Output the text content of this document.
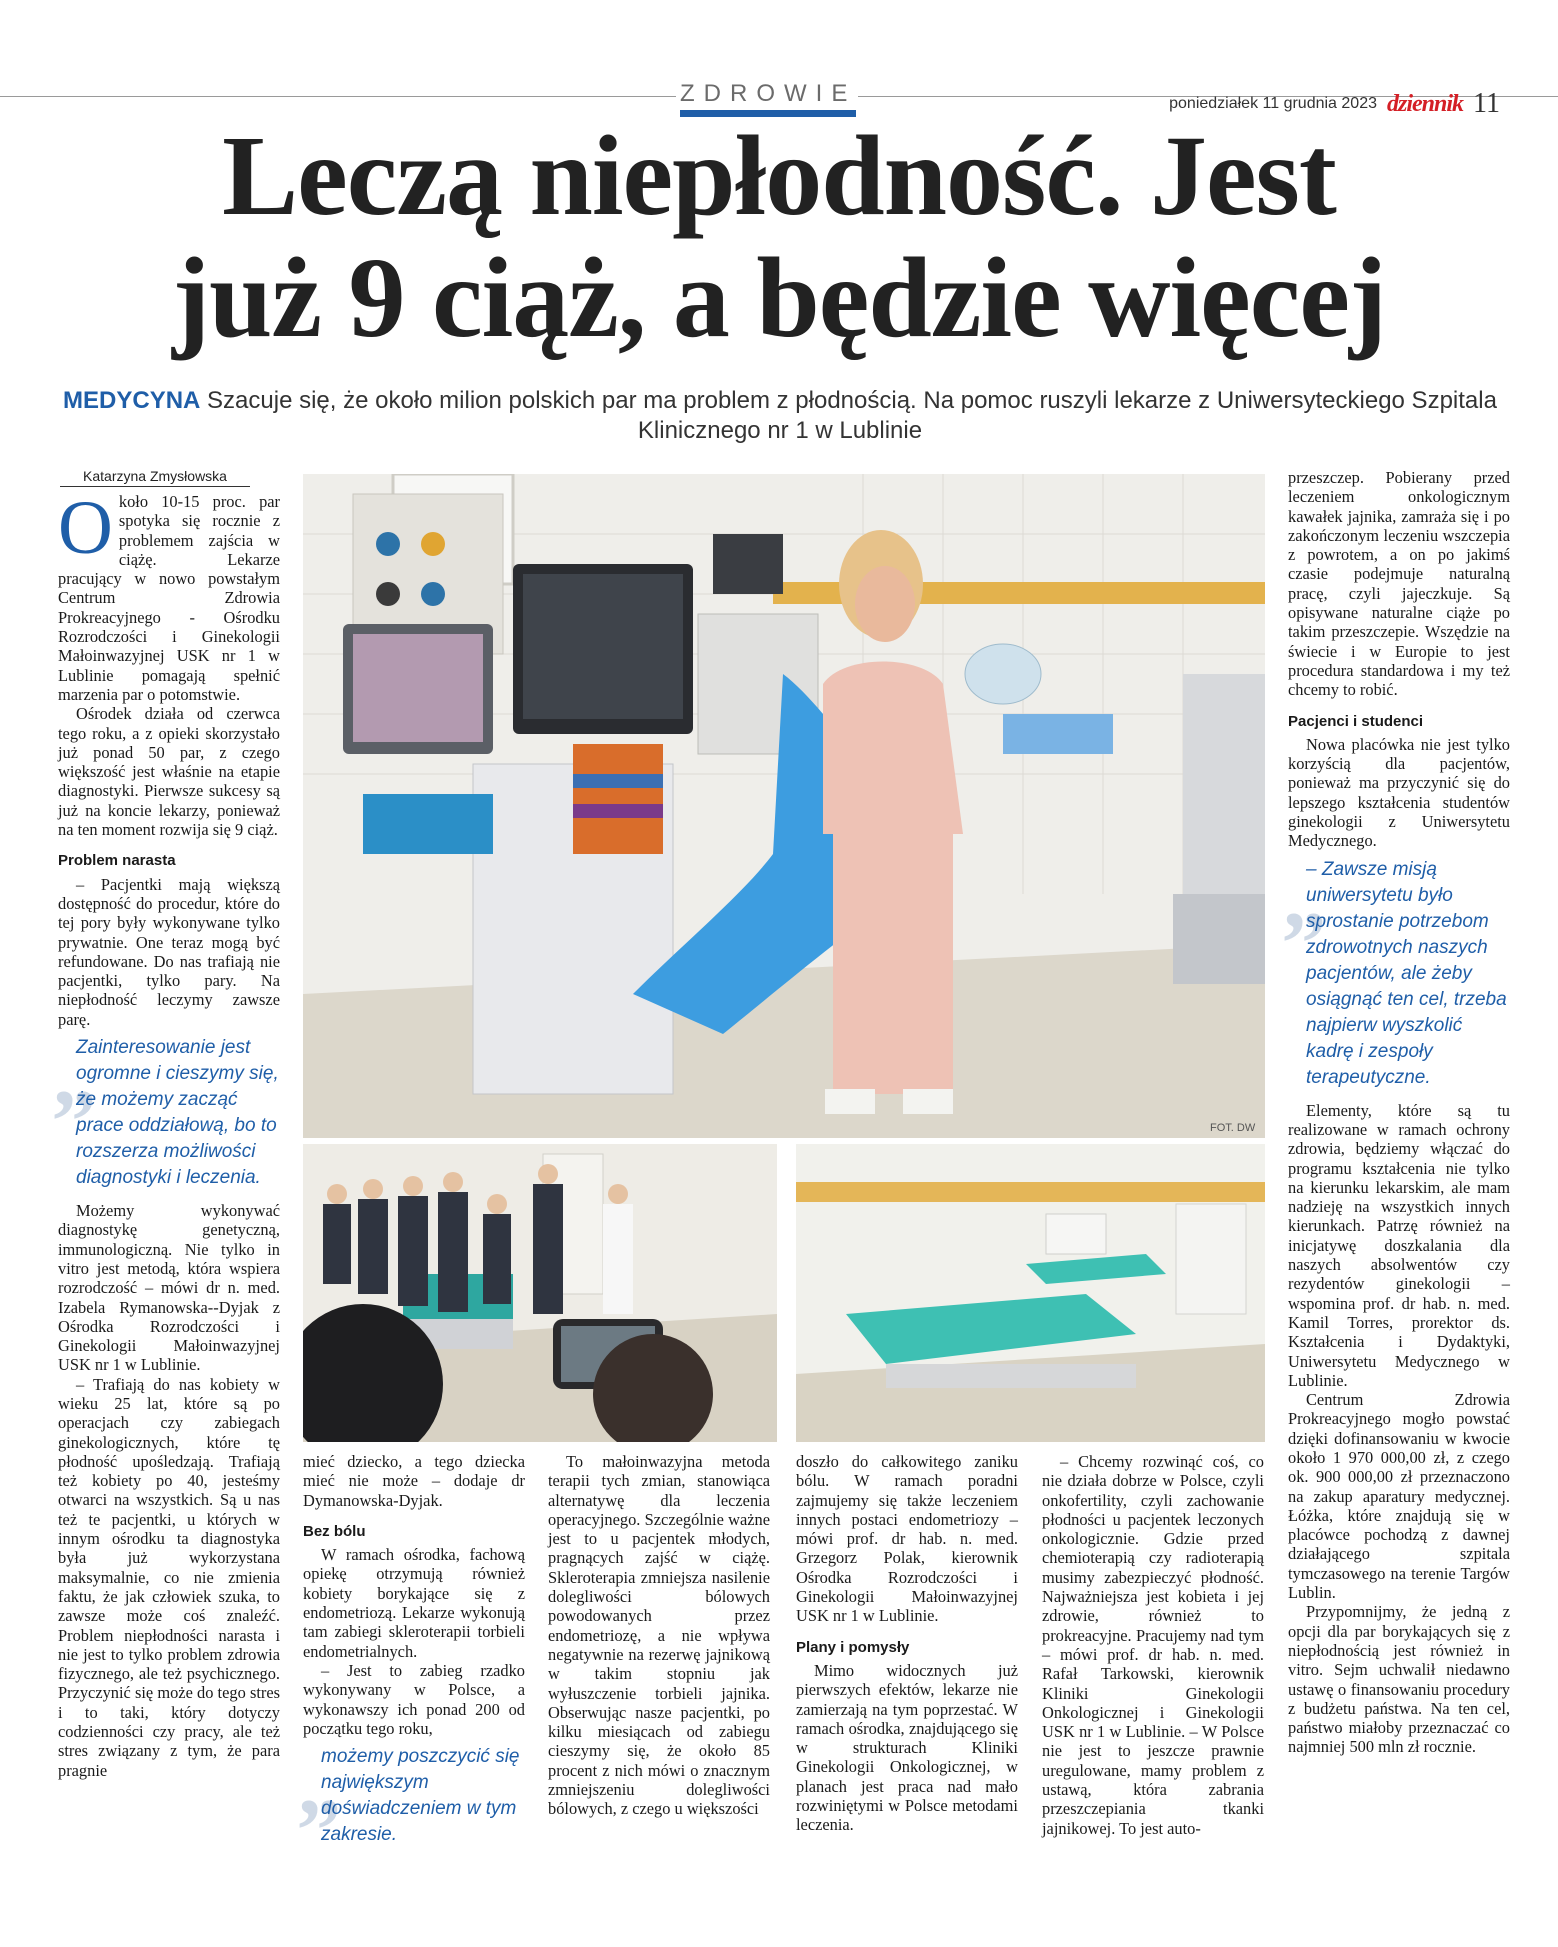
ZDROWIE	poniedziałek 11 grudnia 2023 dziennik 11
Leczą niepłodność. Jest
już 9 ciąż, a będzie więcej
MEDYCYNA Szacuje się, że około milion polskich par ma problem z płodnością. Na pomoc ruszyli lekarze z Uniwersyteckiego Szpitala Klinicznego nr 1 w Lublinie
Katarzyna Zmysłowska
O koło 10-15 proc. par spotyka się rocznie z problemem zajścia w ciążę. Lekarze pracujący w nowo powstałym Centrum Zdrowia Prokreacyjnego - Ośrodku Rozrodczości i Ginekologii Małoinwazyjnej USK nr 1 w Lublinie pomagają spełnić marzenia par o potomstwie.

Ośrodek działa od czerwca tego roku, a z opieki skorzystało już ponad 50 par, z czego większość jest właśnie na etapie diagnostyki. Pierwsze sukcesy są już na koncie lekarzy, ponieważ na ten moment rozwija się 9 ciąż.

Problem narasta

– Pacjentki mają większą dostępność do procedur, które do tej pory były wykonywane tylko prywatnie. One teraz mogą być refundowane. Do nas trafiają nie pacjentki, tylko pary. Na niepłodność leczymy zawsze parę.

„
Zainteresowanie jest ogromne i cieszymy się, że możemy zacząć prace oddziałową, bo to rozszerza możliwości diagnostyki i leczenia.

Możemy wykonywać diagnostykę genetyczną, immunologiczną. Nie tylko in vitro jest metodą, która wspiera rozrodczość – mówi dr n. med. Izabela Rymanowska--Dyjak z Ośrodka Rozrodczości i Ginekologii Małoinwazyjnej USK nr 1 w Lublinie.

– Trafiają do nas kobiety w wieku 25 lat, które są po operacjach czy zabiegach ginekologicznych, które tę płodność upośledzają. Trafiają też kobiety po 40, jesteśmy otwarci na wszystkich. Są u nas też te pacjentki, u których w innym ośrodku ta diagnostyka była już wykorzystana maksymalnie, co nie zmienia faktu, że jak człowiek szuka, to zawsze może coś znaleźć. Problem niepłodności narasta i nie jest to tylko problem zdrowia fizycznego, ale też psychicznego. Przyczynić się może do tego stres i to taki, który dotyczy codzienności czy pracy, ale też stres związany z tym, że para pragnie

FOT. DW

mieć dziecko, a tego dziecka mieć nie może – dodaje dr Dymanowska-Dyjak.

Bez bólu

W ramach ośrodka, fachową opiekę otrzymują również kobiety borykające się z endometriozą. Lekarze wykonują tam zabiegi skleroterapii torbieli endometrialnych.

– Jest to zabieg rzadko wykonywany w Polsce, a wykonawszy ich ponad 200 od początku tego roku,

„
możemy poszczycić się największym doświadczeniem w tym zakresie.

To małoinwazyjna metoda terapii tych zmian, stanowiąca alternatywę dla leczenia operacyjnego. Szczególnie ważne jest to u pacjentek młodych, pragnących zajść w ciążę. Skleroterapia zmniejsza nasilenie dolegliwości bólowych powodowanych przez endometriozę, a nie wpływa negatywnie na rezerwę jajnikową w takim stopniu jak wyłuszczenie torbieli jajnika. Obserwując nasze pacjentki, po kilku miesiącach od zabiegu cieszymy się, że około 85 procent z nich mówi o znacznym zmniejszeniu dolegliwości bólowych, z czego u większości

doszło do całkowitego zaniku bólu. W ramach poradni zajmujemy się także leczeniem innych postaci endometriozy – mówi prof. dr hab. n. med. Grzegorz Polak, kierownik Ośrodka Rozrodczości i Ginekologii Małoinwazyjnej USK nr 1 w Lublinie.

Plany i pomysły

Mimo widocznych już pierwszych efektów, lekarze nie zamierzają na tym poprzestać. W ramach ośrodka, znajdującego się w strukturach Kliniki Ginekologii Onkologicznej, w planach jest praca nad mało rozwiniętymi w Polsce metodami leczenia.

– Chcemy rozwinąć coś, co nie działa dobrze w Polsce, czyli onkofertility, czyli zachowanie płodności u pacjentek leczonych onkologicznie. Gdzie przed chemioterapią czy radioterapią musimy zabezpieczyć płodność. Najważniejsza jest kobieta i jej zdrowie, również to prokreacyjne. Pracujemy nad tym – mówi prof. dr hab. n. med. Rafał Tarkowski, kierownik Kliniki Ginekologii Onkologicznej i Ginekologii USK nr 1 w Lublinie. – W Polsce nie jest to jeszcze prawnie uregulowane, mamy problem z ustawą, która zabrania przeszczepiania tkanki jajnikowej. To jest auto-

przeszczep. Pobierany przed leczeniem onkologicznym kawałek jajnika, zamraża się i po zakończonym leczeniu wszczepia z powrotem, a on po jakimś czasie podejmuje naturalną pracę, czyli jajeczkuje. Są opisywane naturalne ciąże po takim przeszczepie. Wszędzie na świecie i w Europie to jest procedura standardowa i my też chcemy to robić.

Pacjenci i studenci

Nowa placówka nie jest tylko korzyścią dla pacjentów, ponieważ ma przyczynić się do lepszego kształcenia studentów ginekologii z Uniwersytetu Medycznego.

„
– Zawsze misją uniwersytetu było sprostanie potrzebom zdrowotnych naszych pacjentów, ale żeby osiągnąć ten cel, trzeba najpierw wyszkolić kadrę i zespoły terapeutyczne.

Elementy, które są tu realizowane w ramach ochrony zdrowia, będziemy włączać do programu kształcenia nie tylko na kierunku lekarskim, ale mam nadzieję na wszystkich innych kierunkach. Patrzę również na inicjatywę doszkalania dla naszych absolwentów czy rezydentów ginekologii – wspomina prof. dr hab. n. med. Kamil Torres, prorektor ds. Kształcenia i Dydaktyki, Uniwersytetu Medycznego w Lublinie.

Centrum Zdrowia Prokreacyjnego mogło powstać dzięki dofinansowaniu w kwocie około 1 970 000,00 zł, z czego ok. 900 000,00 zł przeznaczono na zakup aparatury medycznej. Łóżka, które znajdują się w placówce pochodzą z dawnej działającego szpitala tymczasowego na terenie Targów Lublin.

Przypomnijmy, że jedną z opcji dla par borykających się z niepłodnością jest również in vitro. Sejm uchwalił niedawno ustawę o finansowaniu procedury z budżetu państwa. Na ten cel, państwo miałoby przeznaczać co najmniej 500 mln zł rocznie.
